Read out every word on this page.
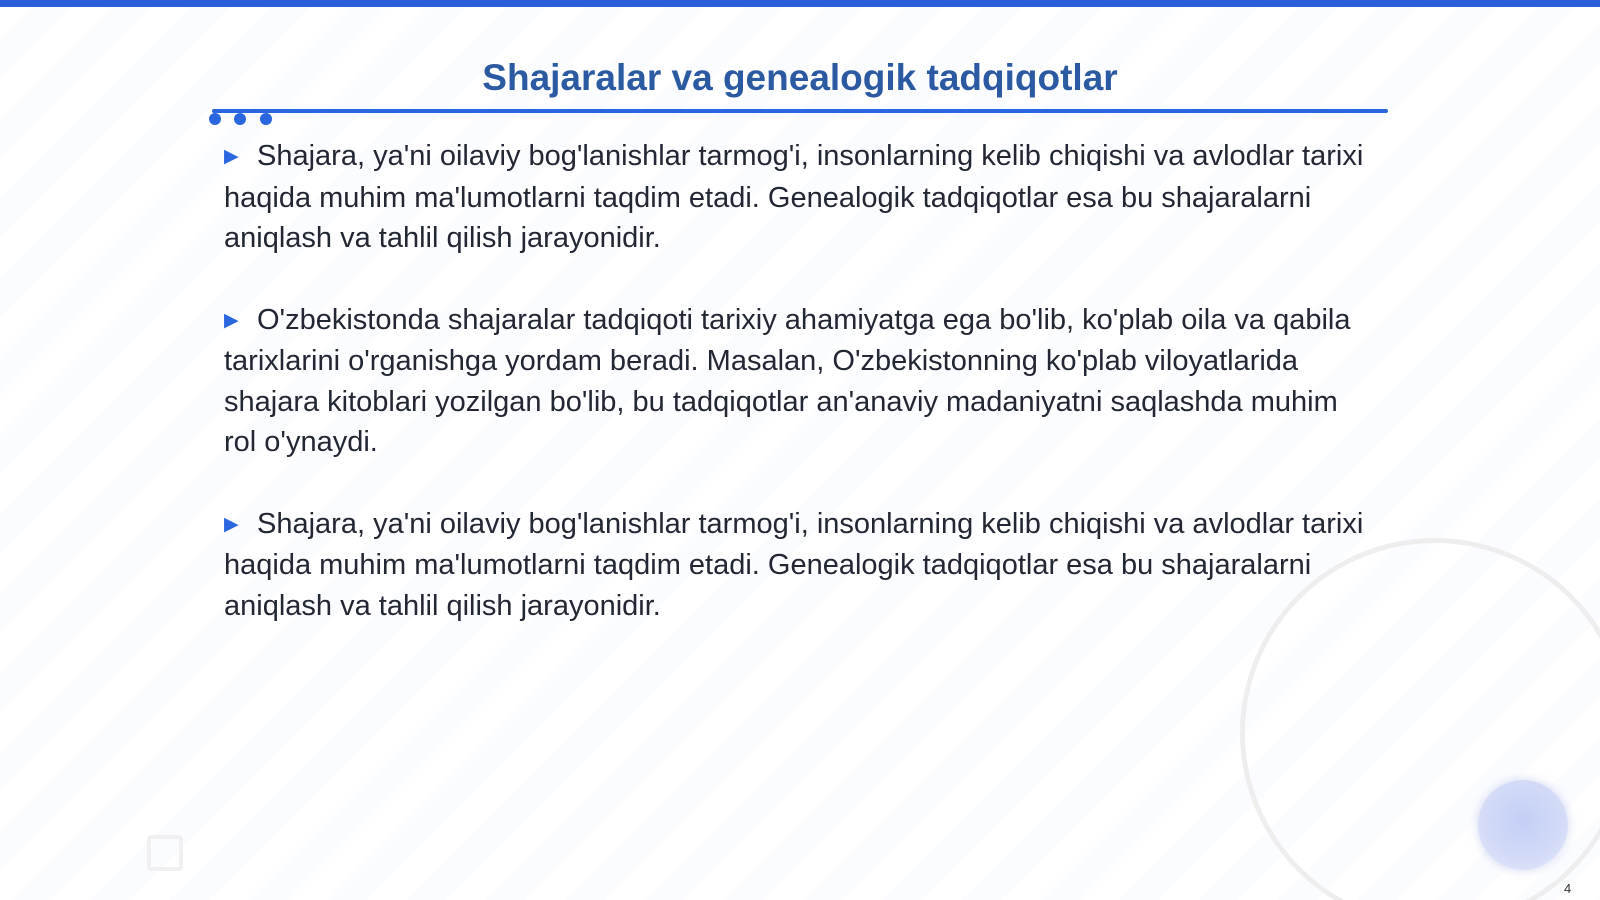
Shajaralar va genealogik tadqiqotlar

▶ Shajara, ya'ni oilaviy bog'lanishlar tarmog'i, insonlarning kelib chiqishi va avlodlar tarixi haqida muhim ma'lumotlarni taqdim etadi. Genealogik tadqiqotlar esa bu shajaralarni aniqlash va tahlil qilish jarayonidir.

▶ O'zbekistonda shajaralar tadqiqoti tarixiy ahamiyatga ega bo'lib, ko'plab oila va qabila tarixlarini o'rganishga yordam beradi. Masalan, O'zbekistonning ko'plab viloyatlarida shajara kitoblari yozilgan bo'lib, bu tadqiqotlar an'anaviy madaniyatni saqlashda muhim rol o'ynaydi.

▶ Shajara, ya'ni oilaviy bog'lanishlar tarmog'i, insonlarning kelib chiqishi va avlodlar tarixi haqida muhim ma'lumotlarni taqdim etadi. Genealogik tadqiqotlar esa bu shajaralarni aniqlash va tahlil qilish jarayonidir.

4
